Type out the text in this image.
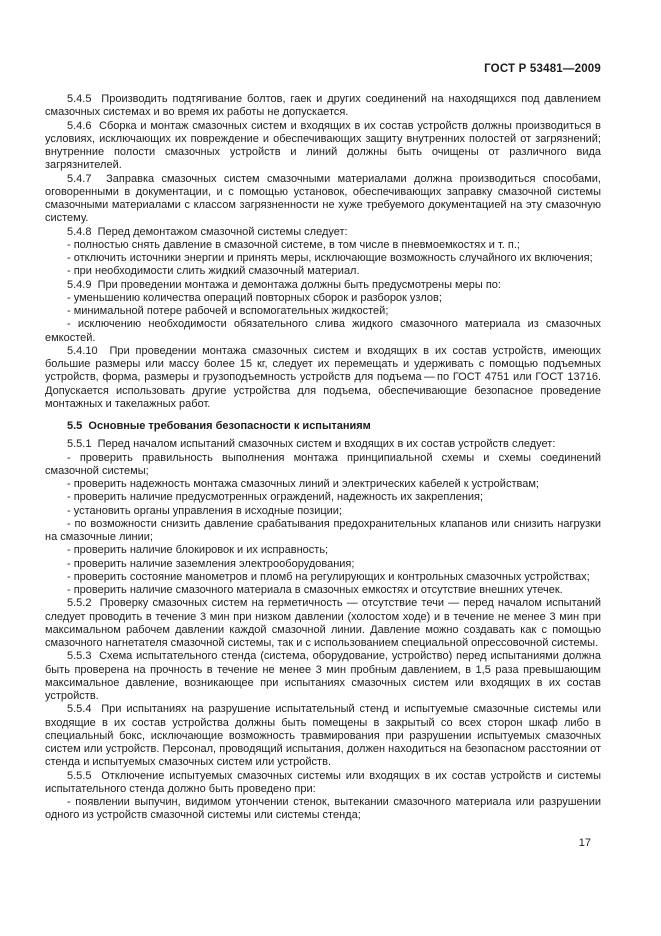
ГОСТ Р 53481—2009

5.4.5  Производить подтягивание болтов, гаек и других соединений на находящихся под давлением смазочных системах и во время их работы не допускается.

5.4.6  Сборка и монтаж смазочных систем и входящих в их состав устройств должны производиться в условиях, исключающих их повреждение и обеспечивающих защиту внутренних полостей от загрязнений; внутренние полости смазочных устройств и линий должны быть очищены от различного вида загрязнителей.

5.4.7  Заправка смазочных систем смазочными материалами должна производиться способами, оговоренными в документации, и с помощью установок, обеспечивающих заправку смазочной системы смазочными материалами с классом загрязненности не хуже требуемого документацией на эту смазочную систему.

5.4.8  Перед демонтажом смазочной системы следует:

- полностью снять давление в смазочной системе, в том числе в пневмоемкостях и т. п.;

- отключить источники энергии и принять меры, исключающие возможность случайного их включения;

- при необходимости слить жидкий смазочный материал.

5.4.9  При проведении монтажа и демонтажа должны быть предусмотрены меры по:

- уменьшению количества операций повторных сборок и разборок узлов;

- минимальной потере рабочей и вспомогательных жидкостей;

- исключению необходимости обязательного слива жидкого смазочного материала из смазочных емкостей.

5.4.10  При проведении монтажа смазочных систем и входящих в их состав устройств, имеющих большие размеры или массу более 15 кг, следует их перемещать и удерживать с помощью подъемных устройств, форма, размеры и грузоподъемность устройств для подъема — по ГОСТ 4751 или ГОСТ 13716. Допускается использовать другие устройства для подъема, обеспечивающие безопасное проведение монтажных и такелажных работ.

5.5  Основные требования безопасности к испытаниям

5.5.1  Перед началом испытаний смазочных систем и входящих в их состав устройств следует:

- проверить правильность выполнения монтажа принципиальной схемы и схемы соединений смазочной системы;

- проверить надежность монтажа смазочных линий и электрических кабелей к устройствам;

- проверить наличие предусмотренных ограждений, надежность их закрепления;

- установить органы управления в исходные позиции;

- по возможности снизить давление срабатывания предохранительных клапанов или снизить нагрузки на смазочные линии;

- проверить наличие блокировок и их исправность;

- проверить наличие заземления электрооборудования;

- проверить состояние манометров и пломб на регулирующих и контрольных смазочных устройствах;

- проверить наличие смазочного материала в смазочных емкостях и отсутствие внешних утечек.

5.5.2  Проверку смазочных систем на герметичность — отсутствие течи — перед началом испытаний следует проводить в течение 3 мин при низком давлении (холостом ходе) и в течение не менее 3 мин при максимальном рабочем давлении каждой смазочной линии. Давление можно создавать как с помощью смазочного нагнетателя смазочной системы, так и с использованием специальной опрессовочной системы.

5.5.3  Схема испытательного стенда (система, оборудование, устройство) перед испытаниями должна быть проверена на прочность в течение не менее 3 мин пробным давлением, в 1,5 раза превышающим максимальное давление, возникающее при испытаниях смазочных систем или входящих в их состав устройств.

5.5.4  При испытаниях на разрушение испытательный стенд и испытуемые смазочные системы или входящие в их состав устройства должны быть помещены в закрытый со всех сторон шкаф либо в специальный бокс, исключающие возможность травмирования при разрушении испытуемых смазочных систем или устройств. Персонал, проводящий испытания, должен находиться на безопасном расстоянии от стенда и испытуемых смазочных систем или устройств.

5.5.5  Отключение испытуемых смазочных системы или входящих в их состав устройств и системы испытательного стенда должно быть проведено при:

- появлении выпучин, видимом утончении стенок, вытекании смазочного материала или разрушении одного из устройств смазочной системы или системы стенда;

17
